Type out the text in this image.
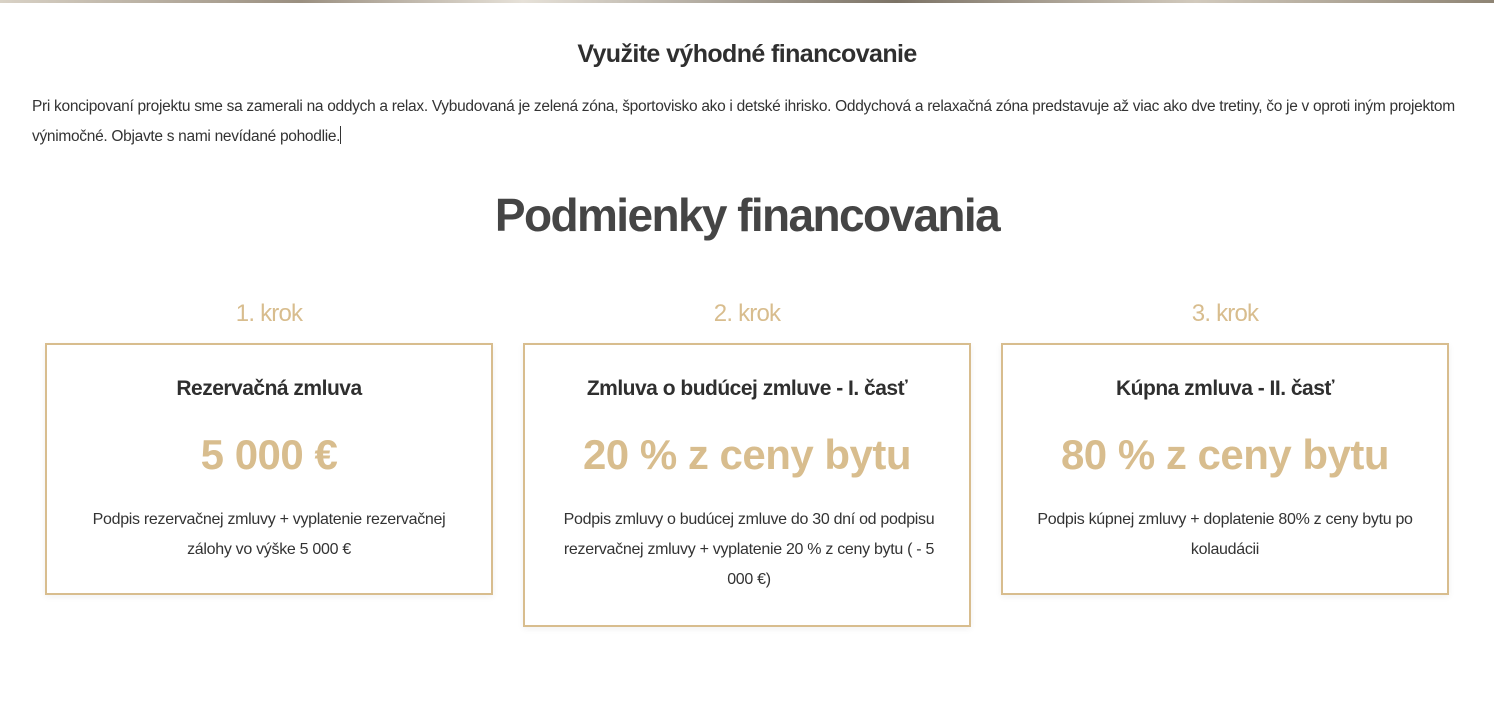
Využite výhodné financovanie
Pri koncipovaní projektu sme sa zamerali na oddych a relax. Vybudovaná je zelená zóna, športovisko ako i detské ihrisko. Oddychová a relaxačná zóna predstavuje až viac ako dve tretiny, čo je v oproti iným projektom výnimočné. Objavte s nami nevídané pohodlie.
Podmienky financovania
1. krok
Rezervačná zmluva
5 000 €
Podpis rezervačnej zmluvy + vyplatenie rezervačnej zálohy vo výške 5 000 €
2. krok
Zmluva o budúcej zmluve - I. časť
20 % z ceny bytu
Podpis zmluvy o budúcej zmluve do 30 dní od podpisu rezervačnej zmluvy + vyplatenie 20 % z ceny bytu ( - 5 000 €)
3. krok
Kúpna zmluva - II. časť
80 % z ceny bytu
Podpis kúpnej zmluvy + doplatenie 80% z ceny bytu po kolaudácii
